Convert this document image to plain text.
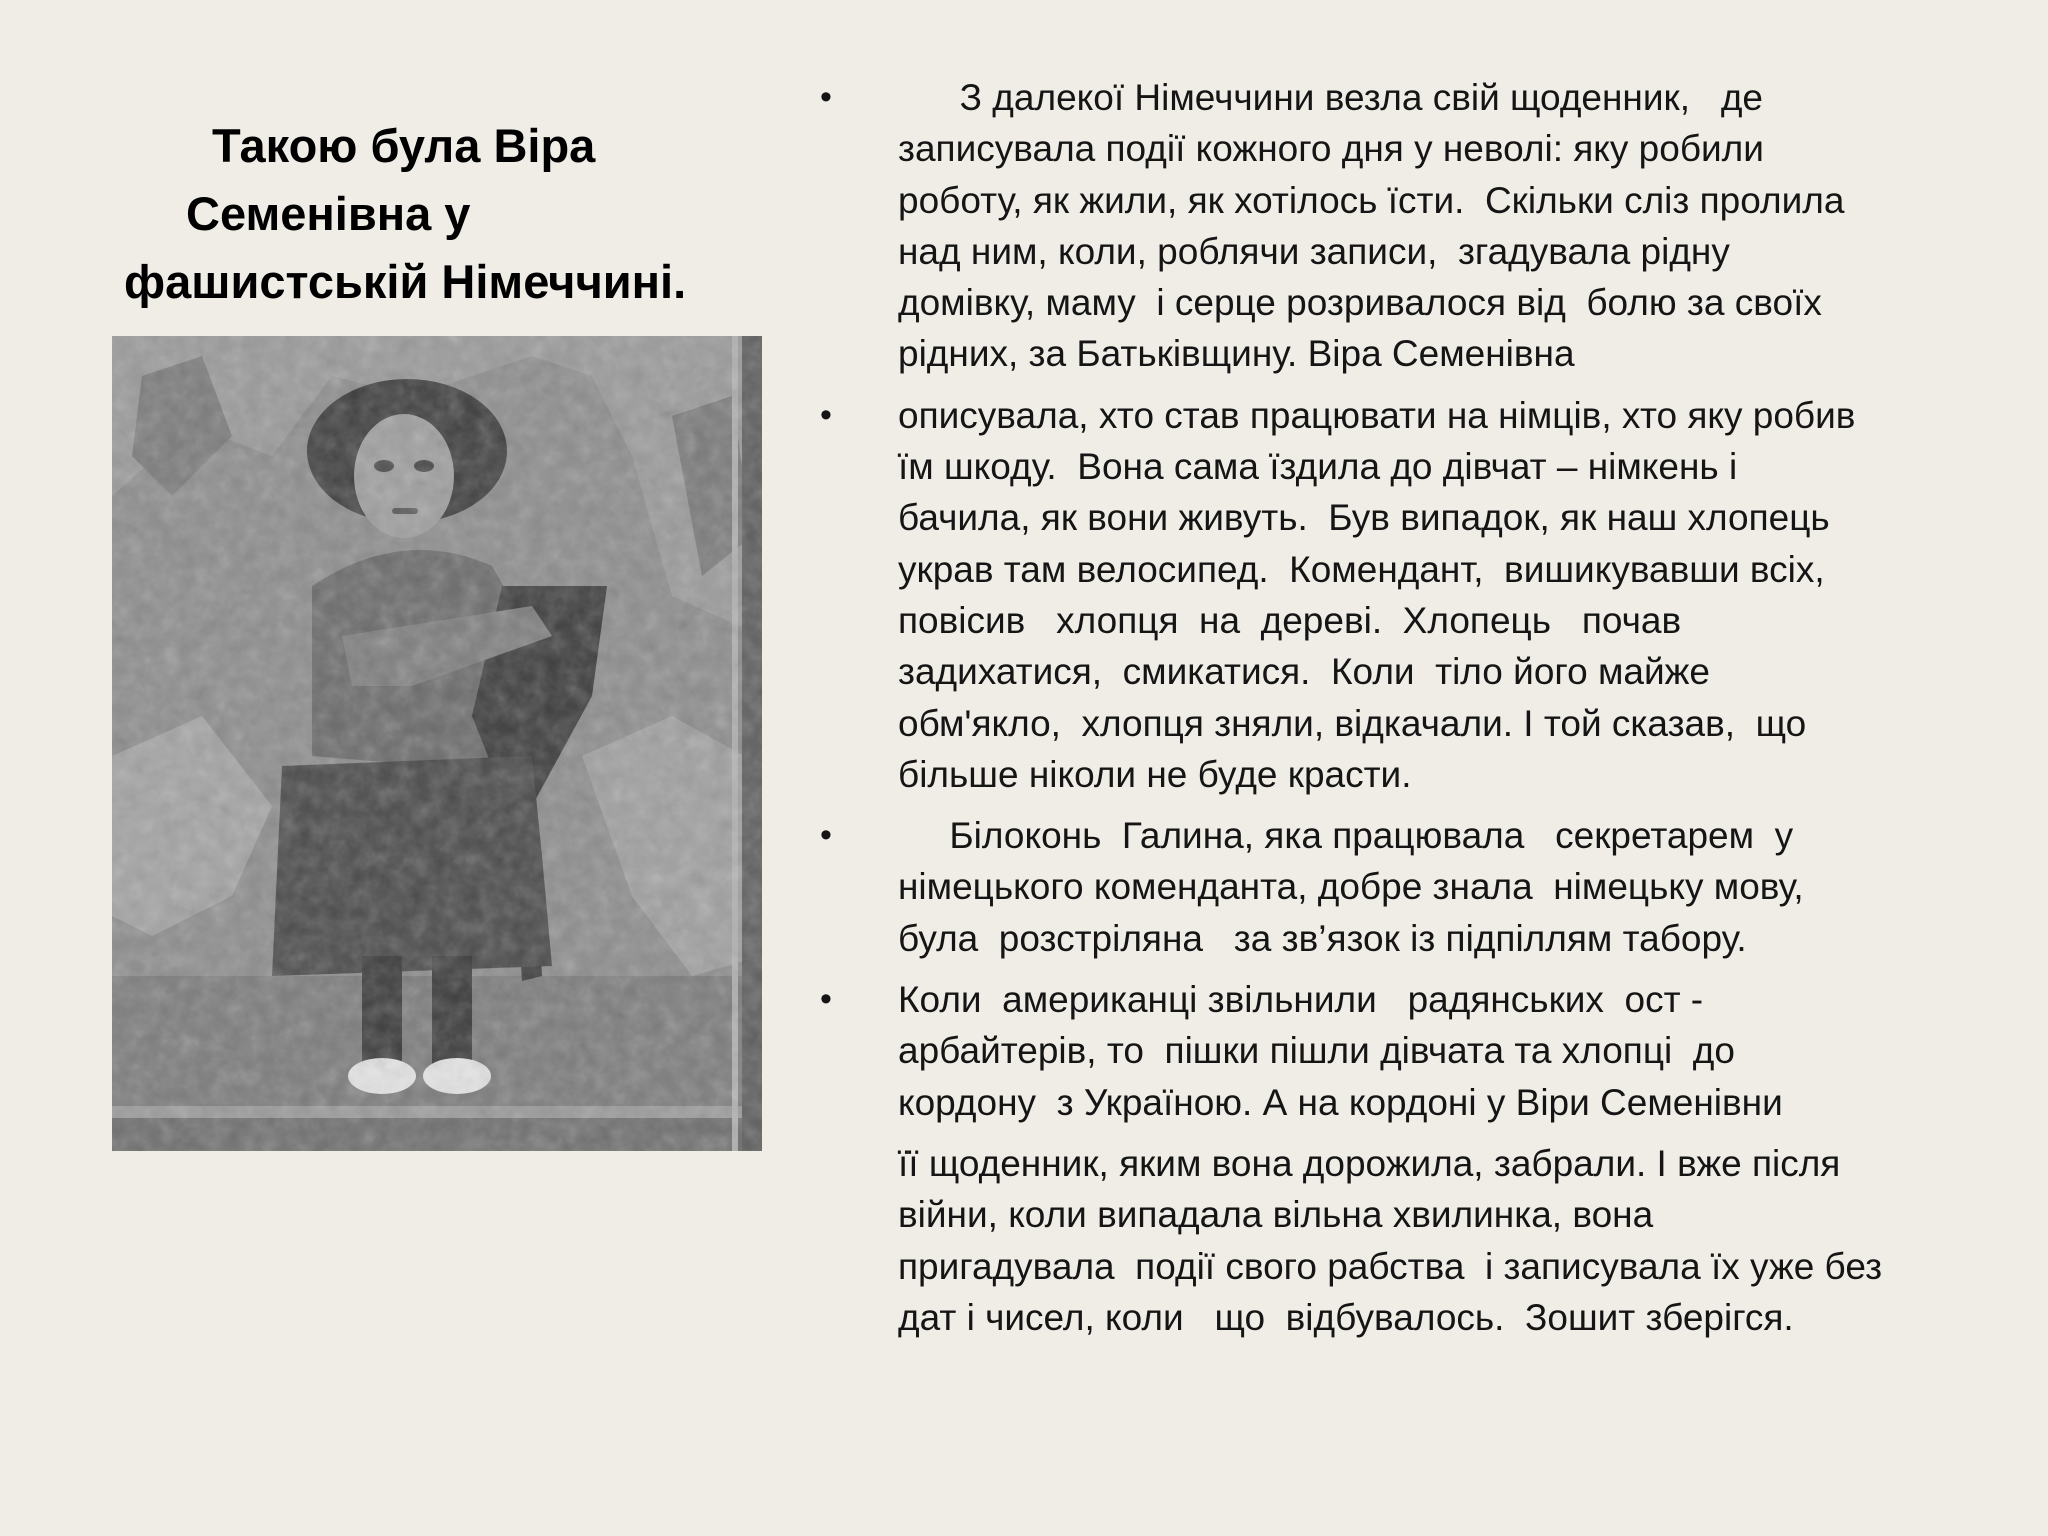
Такою була Віра
Семенівна у
фашистській Німеччині.
• З далекої Німеччини везла свій щоденник,   де
записувала події кожного дня у неволі: яку робили
роботу, як жили, як хотілось їсти.  Скільки сліз пролила
над ним, коли, роблячи записи,  згадувала рідну
домівку, маму  і серце розривалося від  болю за своїх
рідних, за Батьківщину. Віра Семенівна
• описувала, хто став працювати на німців, хто яку робив
їм шкоду.  Вона сама їздила до дівчат – німкень і
бачила, як вони живуть.  Був випадок, як наш хлопець
украв там велосипед.  Комендант,  вишикувавши всіх,
повісив   хлопця  на  дереві.  Хлопець   почав
задихатися,  смикатися.  Коли  тіло його майже
обм'якло,  хлопця зняли, відкачали. І той сказав,  що
більше ніколи не буде красти.
• Білоконь  Галина, яка працювала   секретарем  у
німецького коменданта, добре знала  німецьку мову,
була  розстріляна   за зв’язок із підпіллям табору.
• Коли  американці звільнили   радянських  ост -
арбайтерів, то  пішки пішли дівчата та хлопці  до
кордону  з Україною. А на кордоні у Віри Семенівни
її щоденник, яким вона дорожила, забрали. І вже після
війни, коли випадала вільна хвилинка, вона
пригадувала  події свого рабства  і записувала їх уже без
дат і чисел, коли   що  відбувалось.  Зошит зберігся.
